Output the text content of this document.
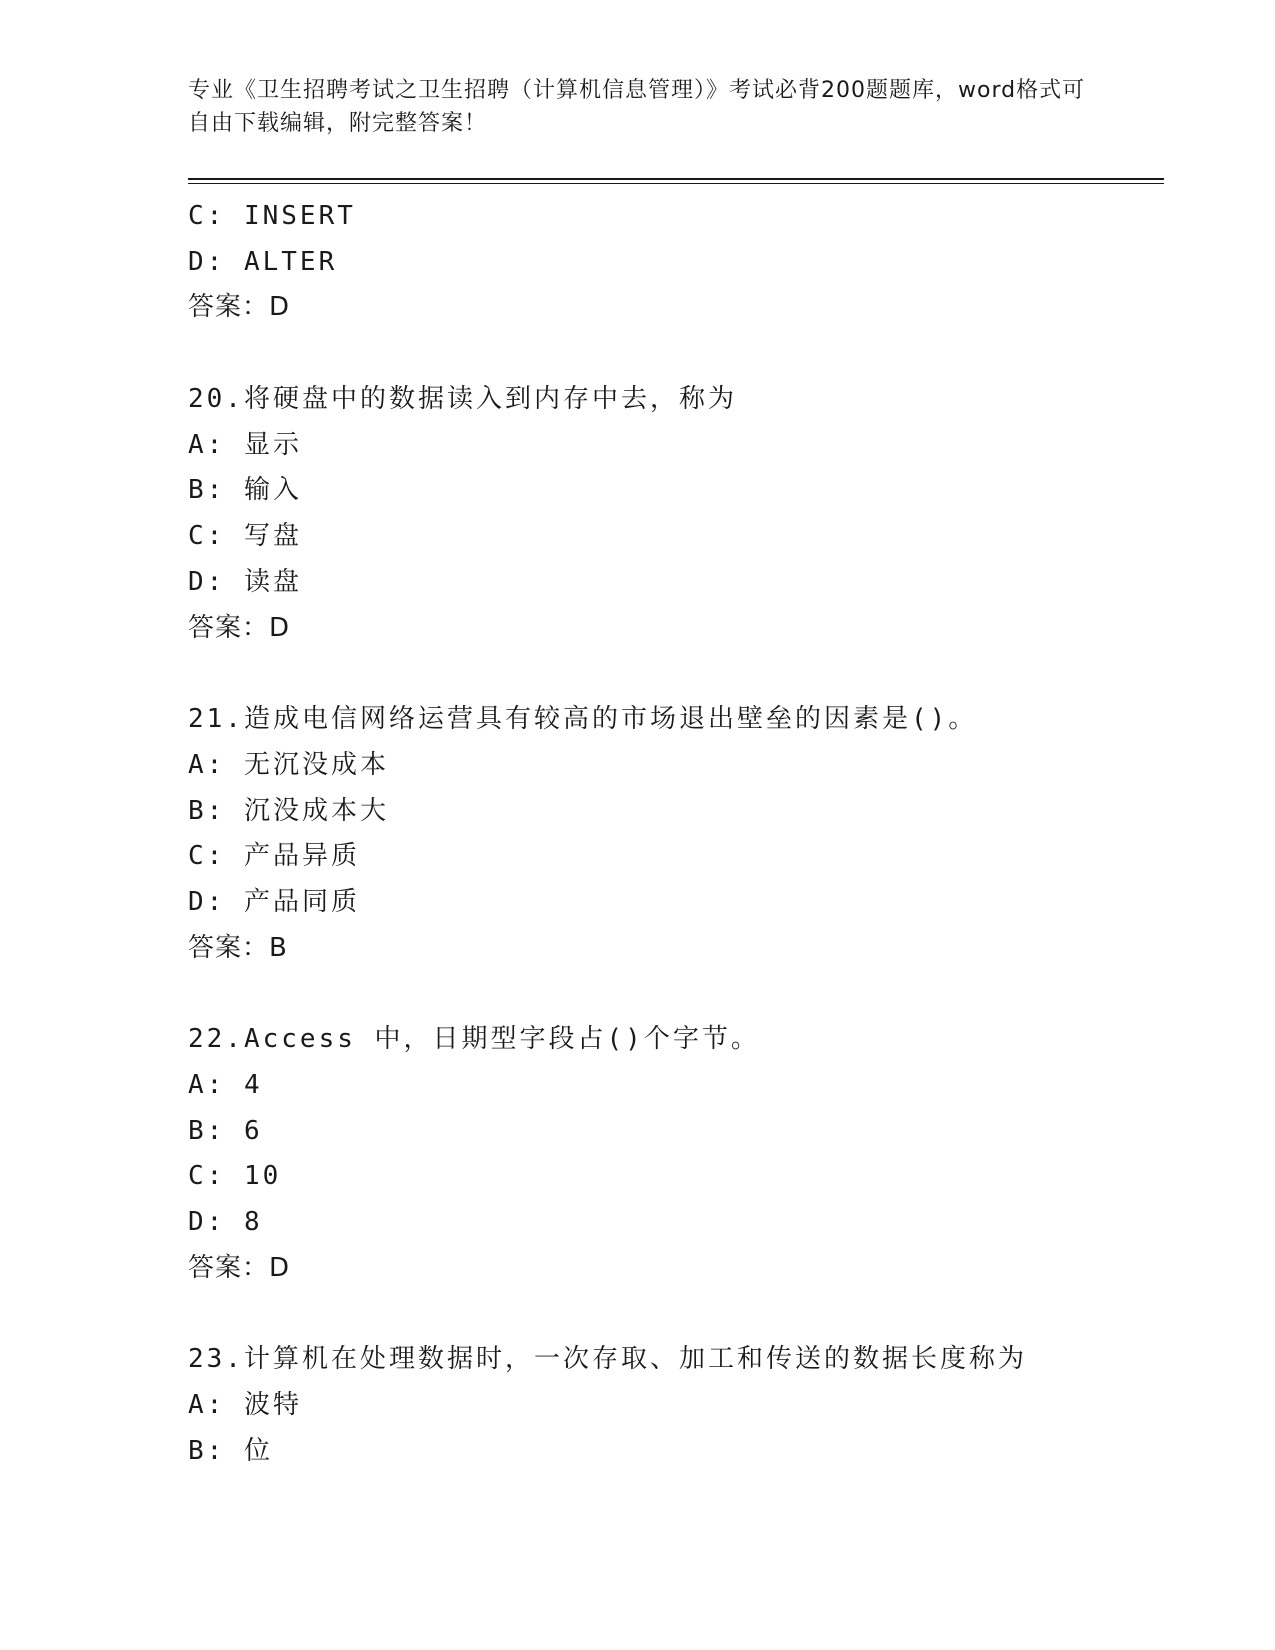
专业《卫生招聘考试之卫生招聘（计算机信息管理）》考试必背200题题库，word格式可自由下载编辑，附完整答案！
C: INSERT
D: ALTER
答案：D
20.将硬盘中的数据读入到内存中去，称为
A: 显示
B: 输入
C: 写盘
D: 读盘
答案：D
21.造成电信网络运营具有较高的市场退出壁垒的因素是()。
A: 无沉没成本
B: 沉没成本大
C: 产品异质
D: 产品同质
答案：B
22.Access 中，日期型字段占()个字节。
A: 4
B: 6
C: 10
D: 8
答案：D
23.计算机在处理数据时，一次存取、加工和传送的数据长度称为
A: 波特
B: 位
